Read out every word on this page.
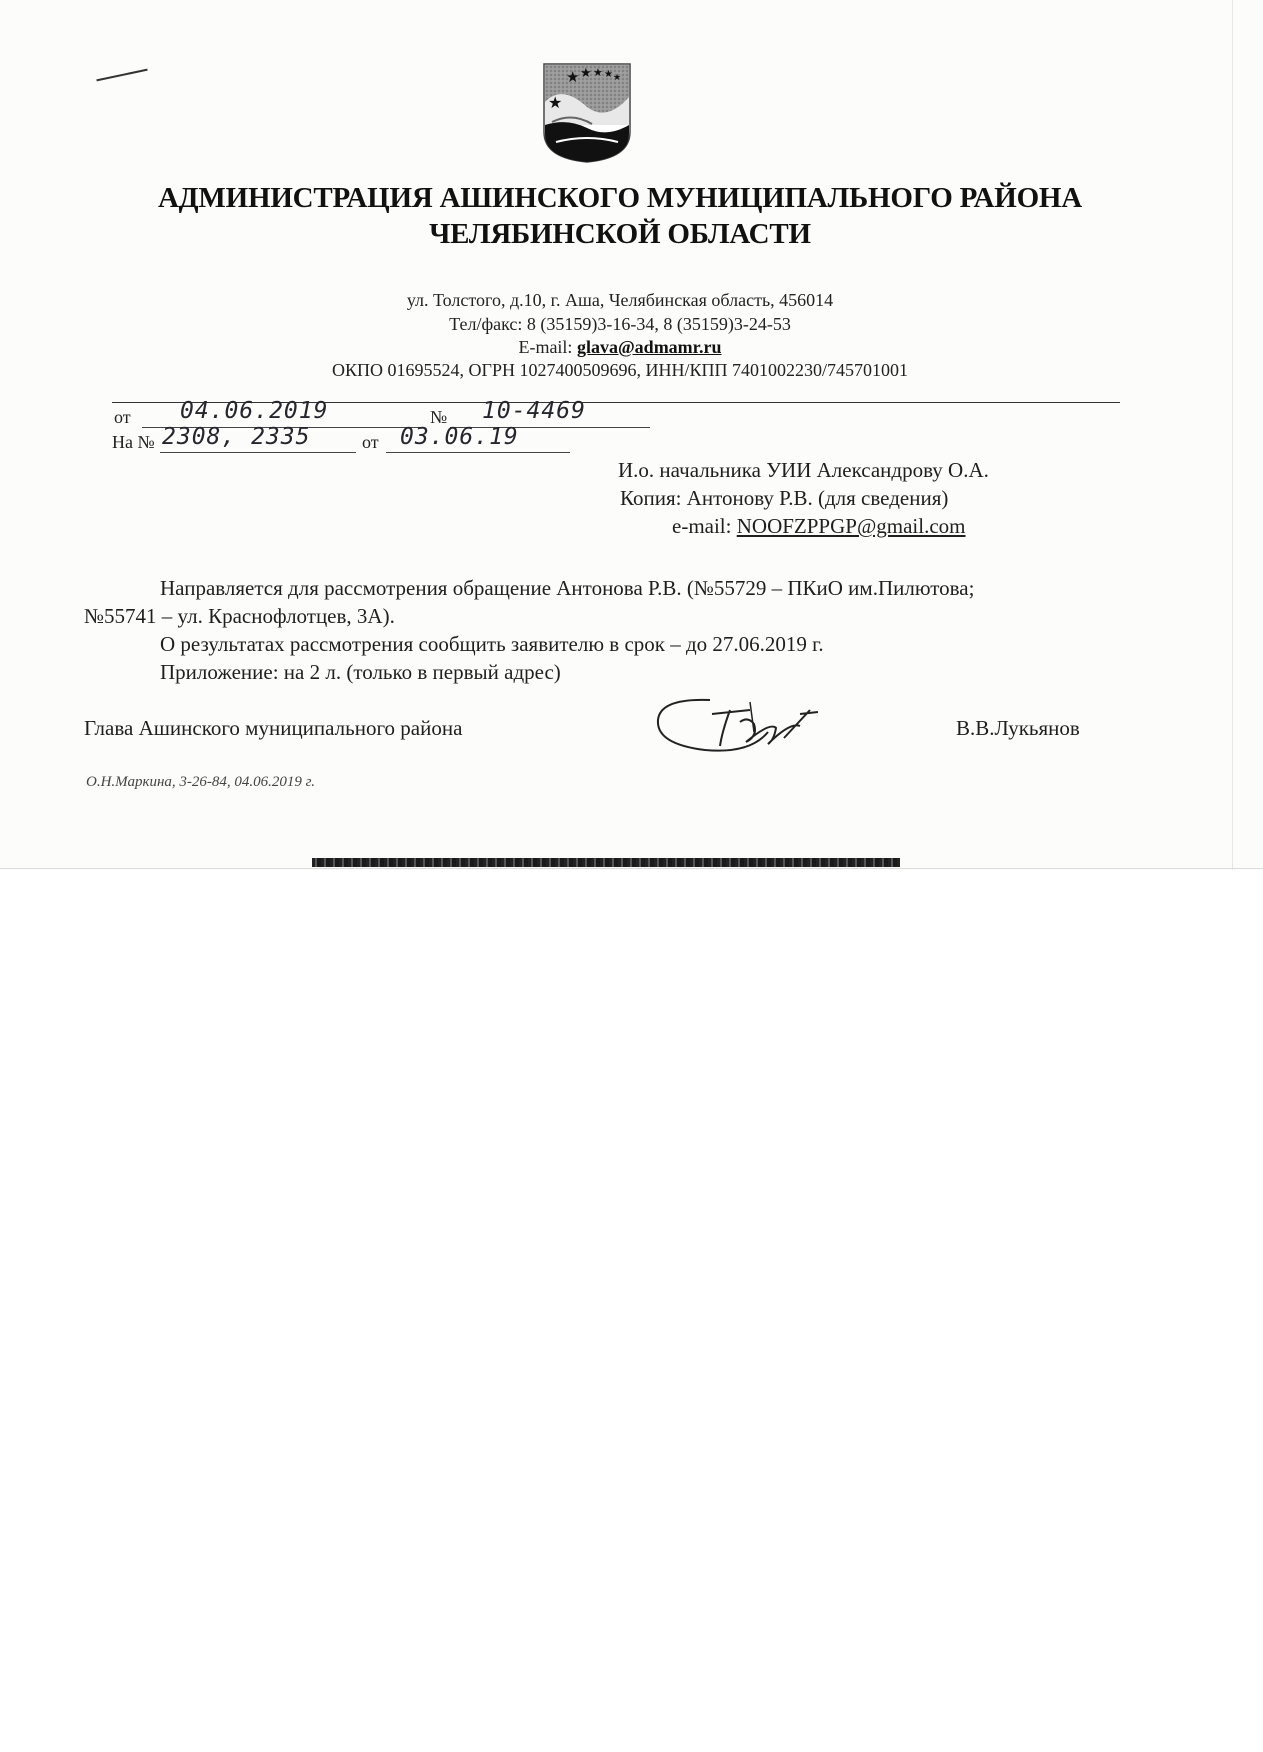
★ ★ ★ ★ ★
★
АДМИНИСТРАЦИЯ АШИНСКОГО МУНИЦИПАЛЬНОГО РАЙОНА
ЧЕЛЯБИНСКОЙ ОБЛАСТИ
ул. Толстого, д.10, г. Аша, Челябинская область, 456014
Тел/факс: 8 (35159)3-16-34, 8 (35159)3-24-53
E-mail: glava@admamr.ru
ОКПО 01695524, ОГРН 1027400509696, ИНН/КПП 7401002230/745701001
от 04.06.2019	№ 10-4469
На № 2308, 2335	от 03.06.19
И.о. начальника УИИ Александрову О.А.
Копия: Антонову Р.В. (для сведения)
e-mail: NOOFZPPGP@gmail.com
Направляется для рассмотрения обращение Антонова Р.В. (№55729 – ПКиО им.Пилютова;
№55741 – ул. Краснофлотцев, 3А).
О результатах рассмотрения сообщить заявителю в срок – до 27.06.2019 г.
Приложение: на 2 л. (только в первый адрес)
Глава Ашинского муниципального района	В.В.Лукьянов
О.Н.Маркина, 3-26-84, 04.06.2019 г.
